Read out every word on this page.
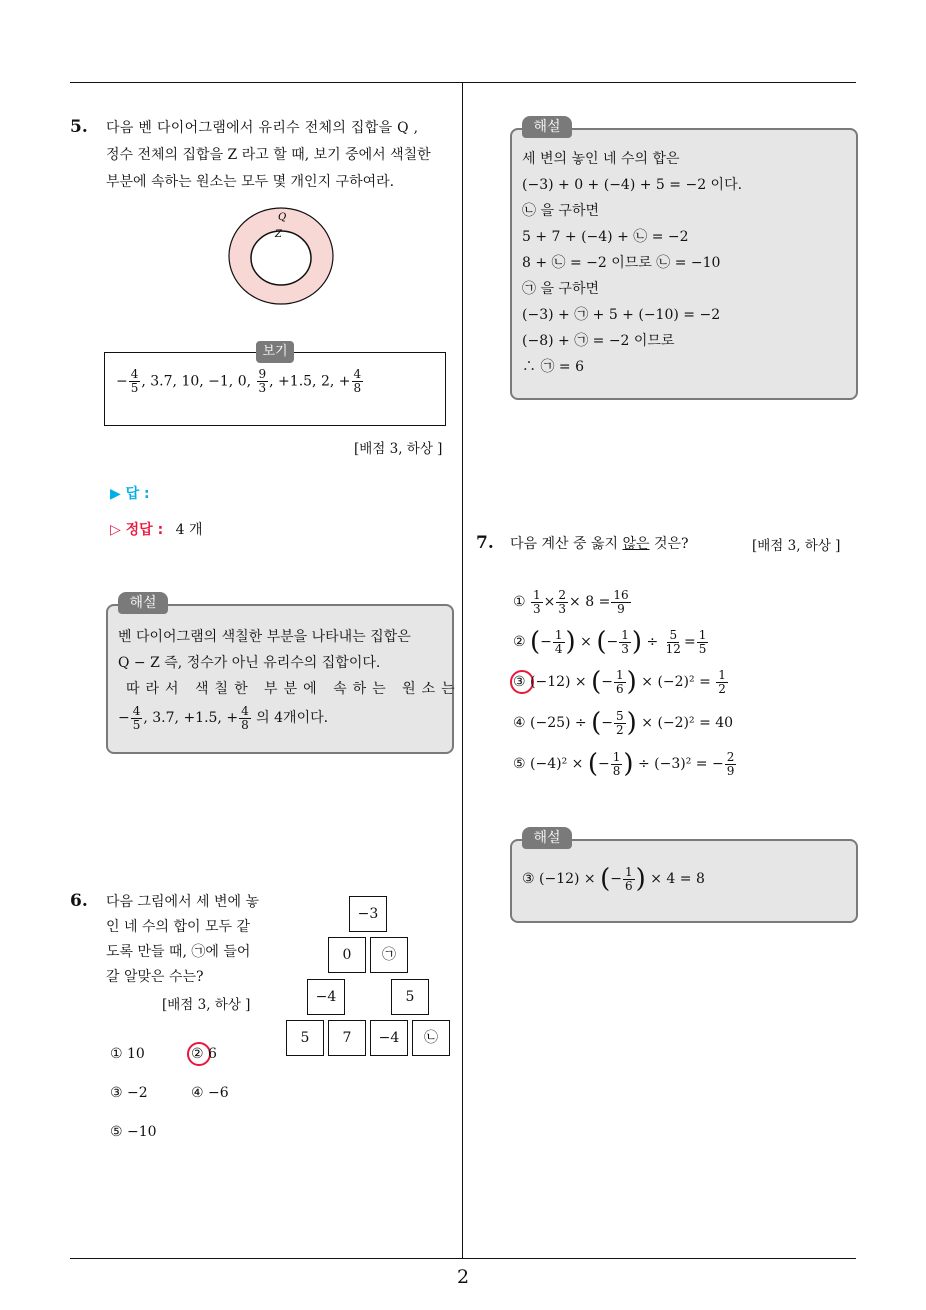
2
5. 다음 벤 다이어그램에서 유리수 전체의 집합을 Q ,
정수 전체의 집합을 Z 라고 할 때, 보기 중에서 색칠한
부분에 속하는 원소는 모두 몇 개인지 구하여라.
Q
Z
보기
− $\frac{4}{5}$ , 3.7, 10, −1, 0, $\frac{9}{3}$ , +1.5, 2, + $\frac{4}{8}$
[배점 3, 하상 ]
▶ 답 :
▷ 정답 : 4 개
해설
벤 다이어그램의 색칠한 부분을 나타내는 집합은
Q − Z 즉, 정수가 아닌 유리수의 집합이다.
따라서 색칠한 부분에 속하는 원소는
− $\frac{4}{5}$ , 3.7, +1.5, + $\frac{4}{8}$ 의 4개이다.
6. 다음 그림에서 세 변에 놓
인 네 수의 합이 모두 같
도록 만들 때, ㉠에 들어
갈 알맞은 수는?
[배점 3, 하상 ]
−3
0	㉠
−4	5
5	7	−4	㉡
① 10	② 6
③ −2	④ −6
⑤ −10
해설
세 변의 놓인 네 수의 합은
(−3) + 0 + (−4) + 5 = −2 이다.
㉡ 을 구하면
5 + 7 + (−4) + ㉡ = −2
8 + ㉡ = −2 이므로 ㉡ = −10
㉠ 을 구하면
(−3) + ㉠ + 5 + (−10) = −2
(−8) + ㉠ = −2 이므로
∴ ㉠ = 6
7. 다음 계산 중 옳지 않은 것은?	[배점 3, 하상 ]
①
$\frac{1}{3} \times \frac{2}{3} \times 8 = \frac{16}{9}$
②
( − $\frac{1}{4}$ )
×
( − $\frac{1}{3}$ )
÷
$\frac{5}{12} = \frac{1}{5}$
③
(−12) ×
( − $\frac{1}{6}$ )
× (−2)² =
$\frac{1}{2}$
④
(−25) ÷
( − $\frac{5}{2}$ )
× (−2)² = 40
⑤
(−4)² ×
( − $\frac{1}{8}$ )
÷ (−3)² = − $\frac{2}{9}$
해설
③ (−12) ×
( − $\frac{1}{6}$ )
× 4 = 8
